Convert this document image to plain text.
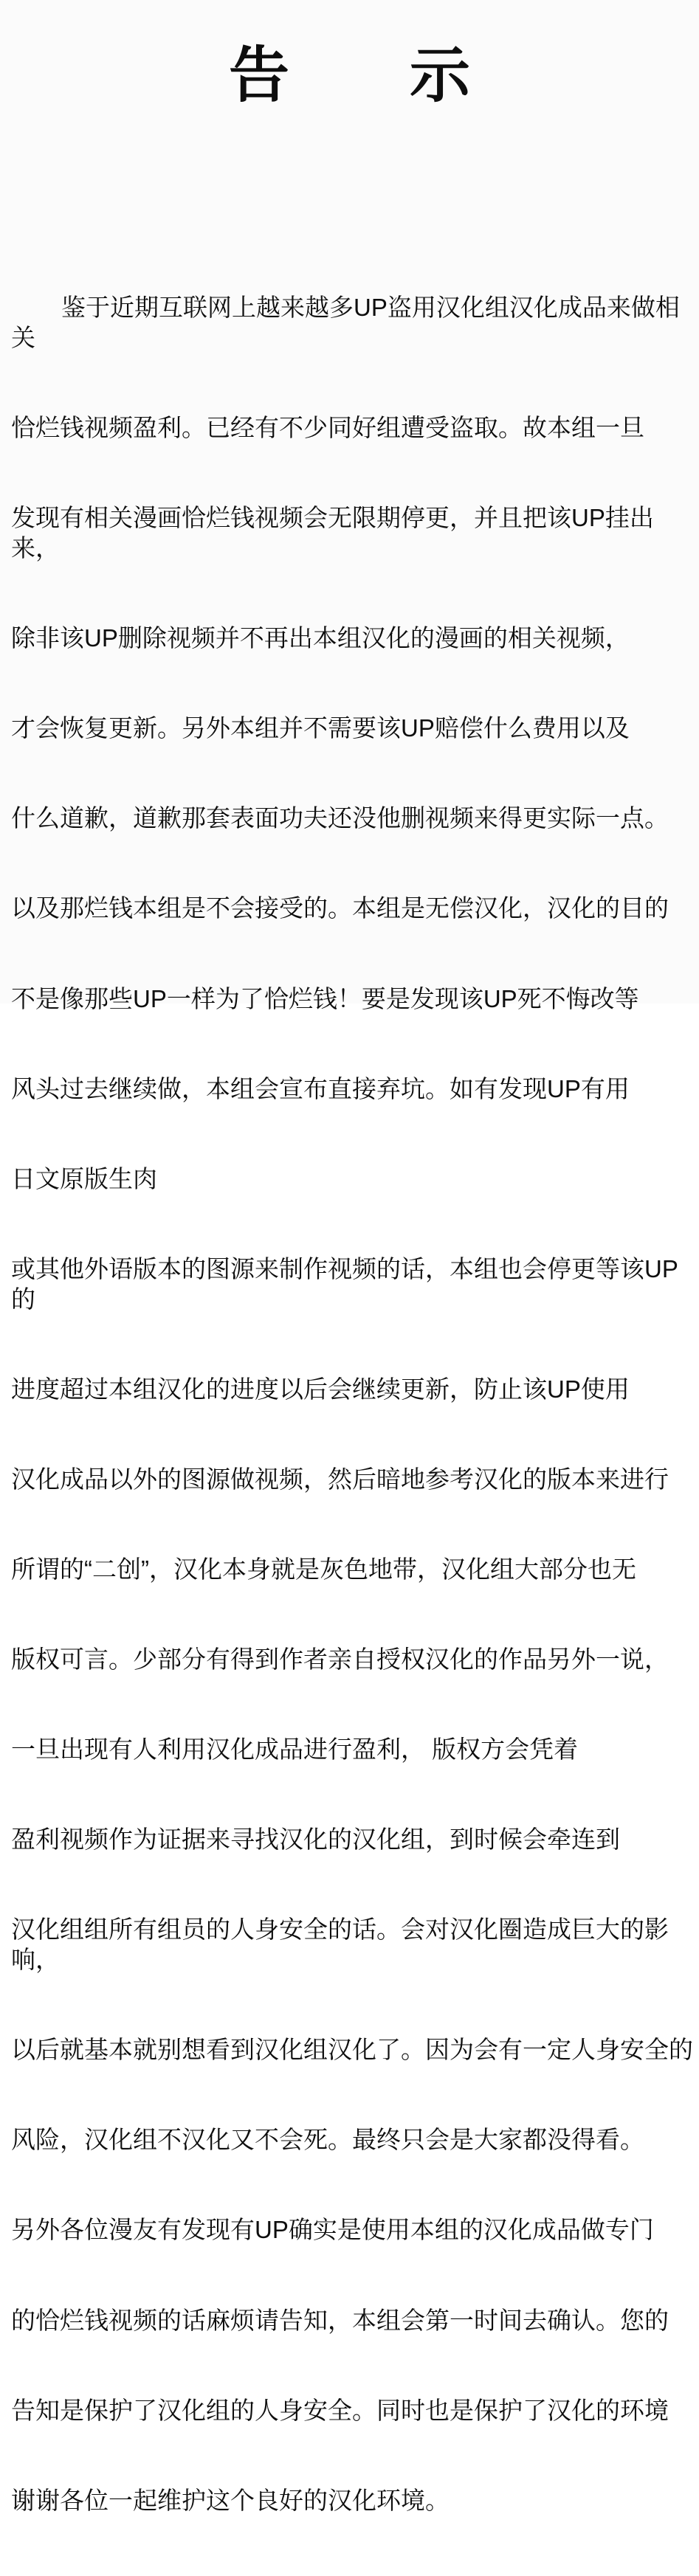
告 示

鉴于近期互联网上越来越多UP盗用汉化组汉化成品来做相关

恰烂钱视频盈利。已经有不少同好组遭受盗取。故本组一旦

发现有相关漫画恰烂钱视频会无限期停更，并且把该UP挂出来，

除非该UP删除视频并不再出本组汉化的漫画的相关视频，

才会恢复更新。另外本组并不需要该UP赔偿什么费用以及

什么道歉，道歉那套表面功夫还没他删视频来得更实际一点。

以及那烂钱本组是不会接受的。本组是无偿汉化，汉化的目的

不是像那些UP一样为了恰烂钱！要是发现该UP死不悔改等

风头过去继续做，本组会宣布直接弃坑。如有发现UP有用

日文原版生肉

或其他外语版本的图源来制作视频的话，本组也会停更等该UP的

进度超过本组汉化的进度以后会继续更新，防止该UP使用

汉化成品以外的图源做视频，然后暗地参考汉化的版本来进行

所谓的“二创”，汉化本身就是灰色地带，汉化组大部分也无

版权可言。少部分有得到作者亲自授权汉化的作品另外一说，

一旦出现有人利用汉化成品进行盈利， 版权方会凭着

盈利视频作为证据来寻找汉化的汉化组，到时候会牵连到

汉化组组所有组员的人身安全的话。会对汉化圈造成巨大的影响，

以后就基本就别想看到汉化组汉化了。因为会有一定人身安全的

风险，汉化组不汉化又不会死。最终只会是大家都没得看。

另外各位漫友有发现有UP确实是使用本组的汉化成品做专门

的恰烂钱视频的话麻烦请告知，本组会第一时间去确认。您的

告知是保护了汉化组的人身安全。同时也是保护了汉化的环境

谢谢各位一起维护这个良好的汉化环境。
